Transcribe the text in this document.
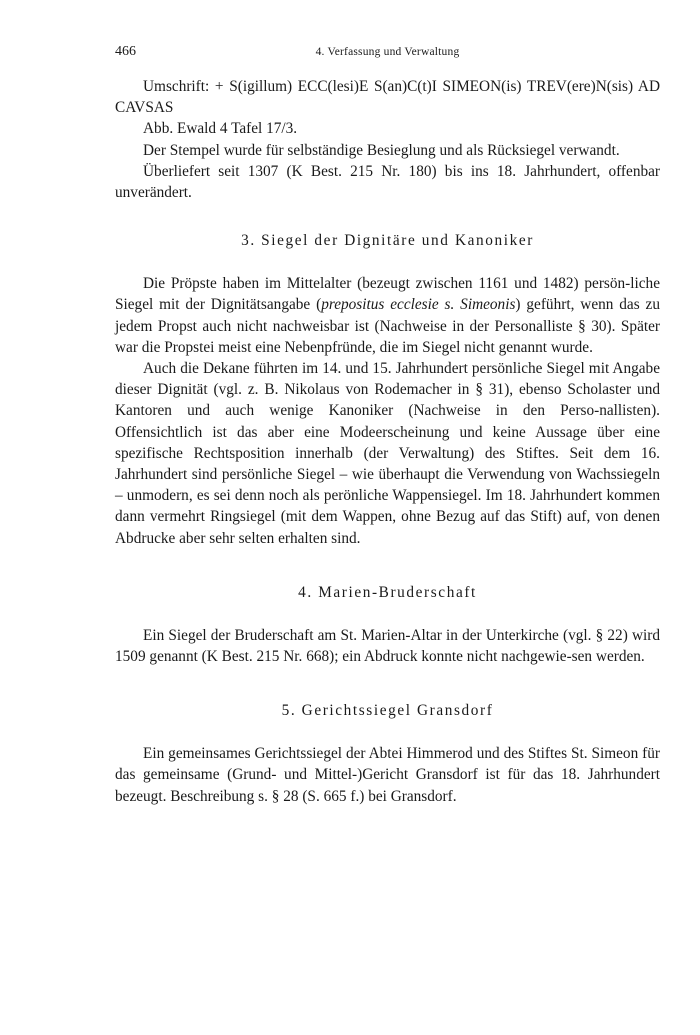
466	4. Verfassung und Verwaltung

Umschrift: + S(igillum) ECC(lesi)E S(an)C(t)I SIMEON(is) TREV(ere)N(sis) AD CAVSAS

Abb. Ewald 4 Tafel 17/3.

Der Stempel wurde für selbständige Besieglung und als Rücksiegel verwandt.

Überliefert seit 1307 (K Best. 215 Nr. 180) bis ins 18. Jahrhundert, offenbar unverändert.

3. Siegel der Dignitäre und Kanoniker

Die Pröpste haben im Mittelalter (bezeugt zwischen 1161 und 1482) persön-liche Siegel mit der Dignitätsangabe (prepositus ecclesie s. Simeonis) geführt, wenn das zu jedem Propst auch nicht nachweisbar ist (Nachweise in der Personalliste § 30). Später war die Propstei meist eine Nebenpfründe, die im Siegel nicht genannt wurde.

Auch die Dekane führten im 14. und 15. Jahrhundert persönliche Siegel mit Angabe dieser Dignität (vgl. z. B. Nikolaus von Rodemacher in § 31), ebenso Scholaster und Kantoren und auch wenige Kanoniker (Nachweise in den Perso-nallisten). Offensichtlich ist das aber eine Modeerscheinung und keine Aussage über eine spezifische Rechtsposition innerhalb (der Verwaltung) des Stiftes. Seit dem 16. Jahrhundert sind persönliche Siegel – wie überhaupt die Verwendung von Wachssiegeln – unmodern, es sei denn noch als perönliche Wappensiegel. Im 18. Jahrhundert kommen dann vermehrt Ringsiegel (mit dem Wappen, ohne Bezug auf das Stift) auf, von denen Abdrucke aber sehr selten erhalten sind.

4. Marien-Bruderschaft

Ein Siegel der Bruderschaft am St. Marien-Altar in der Unterkirche (vgl. § 22) wird 1509 genannt (K Best. 215 Nr. 668); ein Abdruck konnte nicht nachgewie-sen werden.

5. Gerichtssiegel Gransdorf

Ein gemeinsames Gerichtssiegel der Abtei Himmerod und des Stiftes St. Simeon für das gemeinsame (Grund- und Mittel-)Gericht Gransdorf ist für das 18. Jahrhundert bezeugt. Beschreibung s. § 28 (S. 665 f.) bei Gransdorf.
